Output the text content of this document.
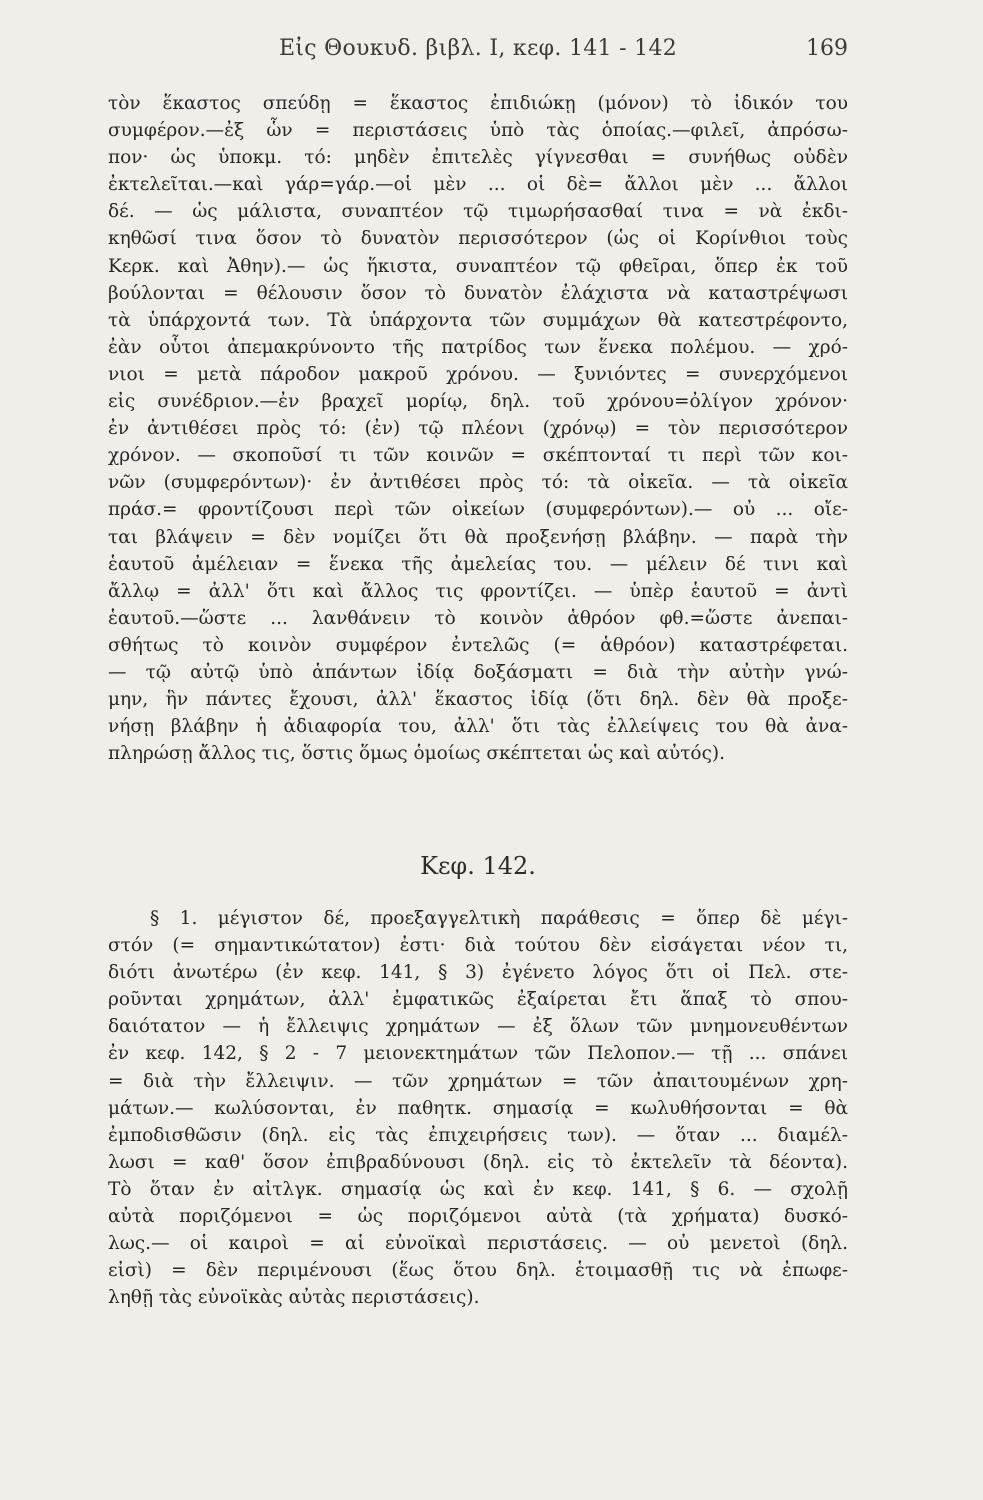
Εἰς Θουκυδ. βιβλ. Ι, κεφ. 141 - 142	169
τὸν ἕκαστος σπεύδῃ = ἕκαστος ἐπιδιώκῃ (μόνον) τὸ ἰδικόν του
συμφέρον.—ἐξ ὧν = περιστάσεις ὑπὸ τὰς ὁποίας.—φιλεῖ, ἀπρόσω-
πον· ὡς ὑποκμ. τό: μηδὲν ἐπιτελὲς γίγνεσθαι = συνήθως οὐδὲν
ἐκτελεῖται.—καὶ γάρ=γάρ.—οἱ μὲν ... οἱ δὲ= ἄλλοι μὲν ... ἄλλοι
δέ. — ὡς μάλιστα, συναπτέον τῷ τιμωρήσασθαί τινα = νὰ ἐκδι-
κηθῶσί τινα ὅσον τὸ δυνατὸν περισσότερον (ὡς οἱ Κορίνθιοι τοὺς
Κερκ. καὶ Ἀθην).— ὡς ἥκιστα, συναπτέον τῷ φθεῖραι, ὅπερ ἐκ τοῦ
βούλονται = θέλουσιν ὅσον τὸ δυνατὸν ἐλάχιστα νὰ καταστρέψωσι
τὰ ὑπάρχοντά των. Τὰ ὑπάρχοντα τῶν συμμάχων θὰ κατεστρέφοντο,
ἐὰν οὗτοι ἀπεμακρύνοντο τῆς πατρίδος των ἕνεκα πολέμου. — χρό-
νιοι = μετὰ πάροδον μακροῦ χρόνου. — ξυνιόντες = συνερχόμενοι
εἰς συνέδριον.—ἐν βραχεῖ μορίῳ, δηλ. τοῦ χρόνου=ὀλίγον χρόνον·
ἐν ἀντιθέσει πρὸς τό: (ἐν) τῷ πλέονι (χρόνῳ) = τὸν περισσότερον
χρόνον. — σκοποῦσί τι τῶν κοινῶν = σκέπτονταί τι περὶ τῶν κοι-
νῶν (συμφερόντων)· ἐν ἀντιθέσει πρὸς τό: τὰ οἰκεῖα. — τὰ οἰκεῖα
πράσ.= φροντίζουσι περὶ τῶν οἰκείων (συμφερόντων).— οὐ ... οἴε-
ται βλάψειν = δὲν νομίζει ὅτι θὰ προξενήσῃ βλάβην. — παρὰ τὴν
ἑαυτοῦ ἀμέλειαν = ἕνεκα τῆς ἀμελείας του. — μέλειν δέ τινι καὶ
ἄλλῳ = ἀλλ' ὅτι καὶ ἄλλος τις φροντίζει. — ὑπὲρ ἑαυτοῦ = ἀντὶ
ἑαυτοῦ.—ὥστε ... λανθάνειν τὸ κοινὸν ἁθρόον φθ.=ὥστε ἀνεπαι-
σθήτως τὸ κοινὸν συμφέρον ἐντελῶς (= ἁθρόον) καταστρέφεται.
— τῷ αὐτῷ ὑπὸ ἁπάντων ἰδίᾳ δοξάσματι = διὰ τὴν αὐτὴν γνώ-
μην, ἣν πάντες ἔχουσι, ἀλλ' ἕκαστος ἰδίᾳ (ὅτι δηλ. δὲν θὰ προξε-
νήσῃ βλάβην ἡ ἀδιαφορία του, ἀλλ' ὅτι τὰς ἐλλείψεις του θὰ ἀνα-
πληρώσῃ ἄλλος τις, ὅστις ὅμως ὁμοίως σκέπτεται ὡς καὶ αὐτός).
Κεφ. 142.
§ 1. μέγιστον δέ, προεξαγγελτικὴ παράθεσις = ὅπερ δὲ μέγι-
στόν (= σημαντικώτατον) ἐστι· διὰ τούτου δὲν εἰσάγεται νέον τι,
διότι ἀνωτέρω (ἐν κεφ. 141, § 3) ἐγένετο λόγος ὅτι οἱ Πελ. στε-
ροῦνται χρημάτων, ἀλλ' ἐμφατικῶς ἐξαίρεται ἔτι ἅπαξ τὸ σπου-
δαιότατον — ἡ ἔλλειψις χρημάτων — ἐξ ὅλων τῶν μνημονευθέντων
ἐν κεφ. 142, § 2 - 7 μειονεκτημάτων τῶν Πελοπον.— τῇ ... σπάνει
= διὰ τὴν ἔλλειψιν. — τῶν χρημάτων = τῶν ἀπαιτουμένων χρη-
μάτων.— κωλύσονται, ἐν παθητκ. σημασίᾳ = κωλυθήσονται = θὰ
ἐμποδισθῶσιν (δηλ. εἰς τὰς ἐπιχειρήσεις των). — ὅταν ... διαμέλ-
λωσι = καθ' ὅσον ἐπιβραδύνουσι (δηλ. εἰς τὸ ἐκτελεῖν τὰ δέοντα).
Τὸ ὅταν ἐν αἰτλγκ. σημασίᾳ ὡς καὶ ἐν κεφ. 141, § 6. — σχολῇ
αὐτὰ ποριζόμενοι = ὡς ποριζόμενοι αὐτὰ (τὰ χρήματα) δυσκό-
λως.— οἱ καιροὶ = αἱ εὐνοϊκαὶ περιστάσεις. — οὐ μενετοὶ (δηλ.
εἰσὶ) = δὲν περιμένουσι (ἕως ὅτου δηλ. ἑτοιμασθῇ τις νὰ ἐπωφε-
ληθῇ τὰς εὐνοϊκὰς αὐτὰς περιστάσεις).
